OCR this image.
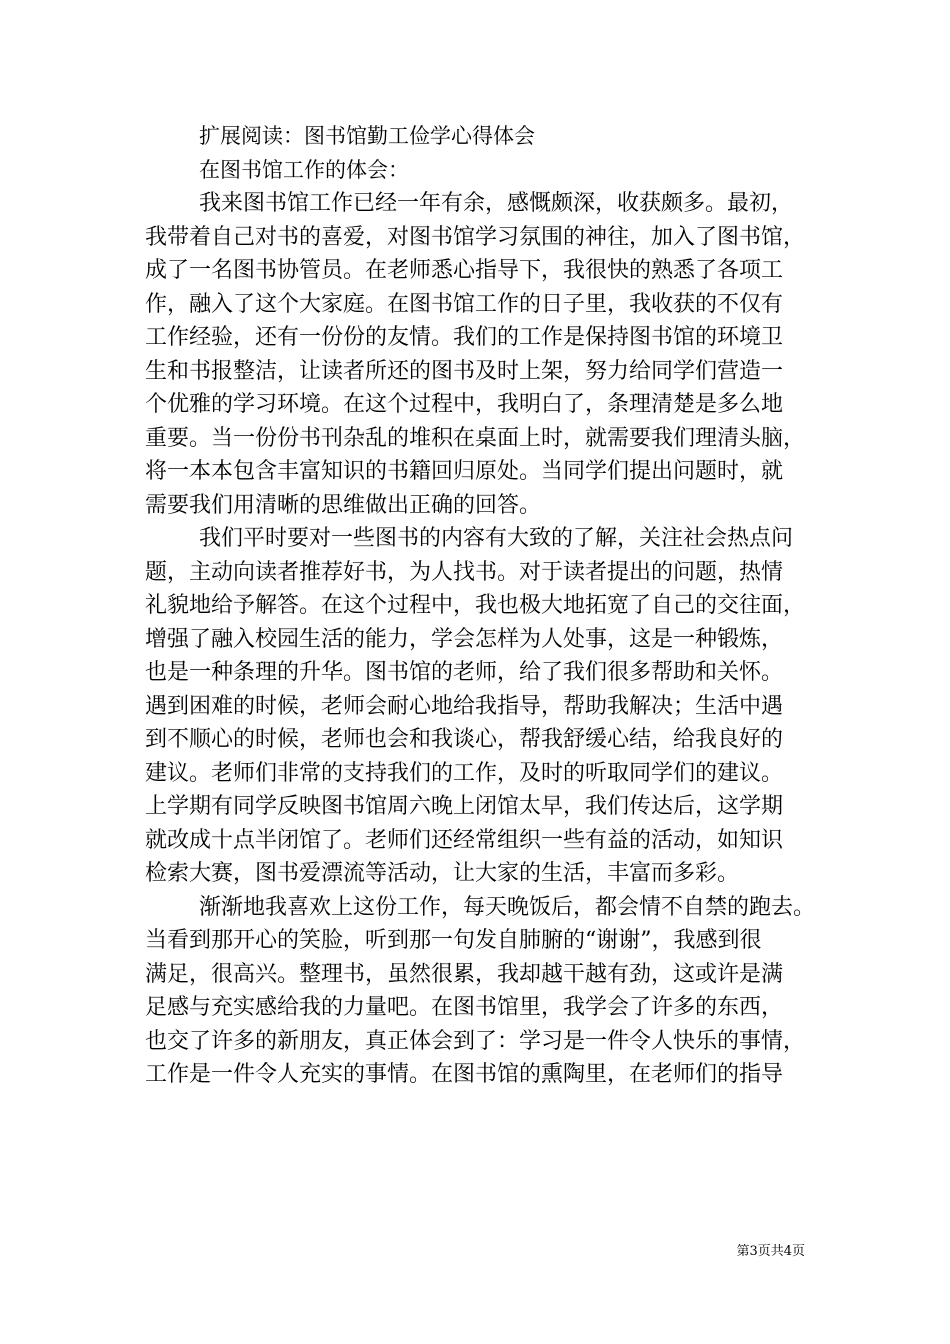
扩展阅读：图书馆勤工俭学心得体会
在图书馆工作的体会：

我来图书馆工作已经一年有余，感慨颇深，收获颇多。最初，

我带着自己对书的喜爱，对图书馆学习氛围的神往，加入了图书馆，

成了一名图书协管员。在老师悉心指导下，我很快的熟悉了各项工

作，融入了这个大家庭。在图书馆工作的日子里，我收获的不仅有

工作经验，还有一份份的友情。我们的工作是保持图书馆的环境卫

生和书报整洁，让读者所还的图书及时上架，努力给同学们营造一

个优雅的学习环境。在这个过程中，我明白了，条理清楚是多么地

重要。当一份份书刊杂乱的堆积在桌面上时，就需要我们理清头脑，

将一本本包含丰富知识的书籍回归原处。当同学们提出问题时，就

需要我们用清晰的思维做出正确的回答。

我们平时要对一些图书的内容有大致的了解，关注社会热点问

题，主动向读者推荐好书，为人找书。对于读者提出的问题，热情

礼貌地给予解答。在这个过程中，我也极大地拓宽了自己的交往面，

增强了融入校园生活的能力，学会怎样为人处事，这是一种锻炼，

也是一种条理的升华。图书馆的老师，给了我们很多帮助和关怀。

遇到困难的时候，老师会耐心地给我指导，帮助我解决；生活中遇

到不顺心的时候，老师也会和我谈心，帮我舒缓心结，给我良好的

建议。老师们非常的支持我们的工作，及时的听取同学们的建议。

上学期有同学反映图书馆周六晚上闭馆太早，我们传达后，这学期

就改成十点半闭馆了。老师们还经常组织一些有益的活动，如知识

检索大赛，图书爱漂流等活动，让大家的生活，丰富而多彩。

渐渐地我喜欢上这份工作，每天晚饭后，都会情不自禁的跑去。

当看到那开心的笑脸，听到那一句发自肺腑的“谢谢”，我感到很

满足，很高兴。整理书，虽然很累，我却越干越有劲，这或许是满

足感与充实感给我的力量吧。在图书馆里，我学会了许多的东西，

也交了许多的新朋友，真正体会到了：学习是一件令人快乐的事情，

工作是一件令人充实的事情。在图书馆的熏陶里，在老师们的指导

第3页共4页
